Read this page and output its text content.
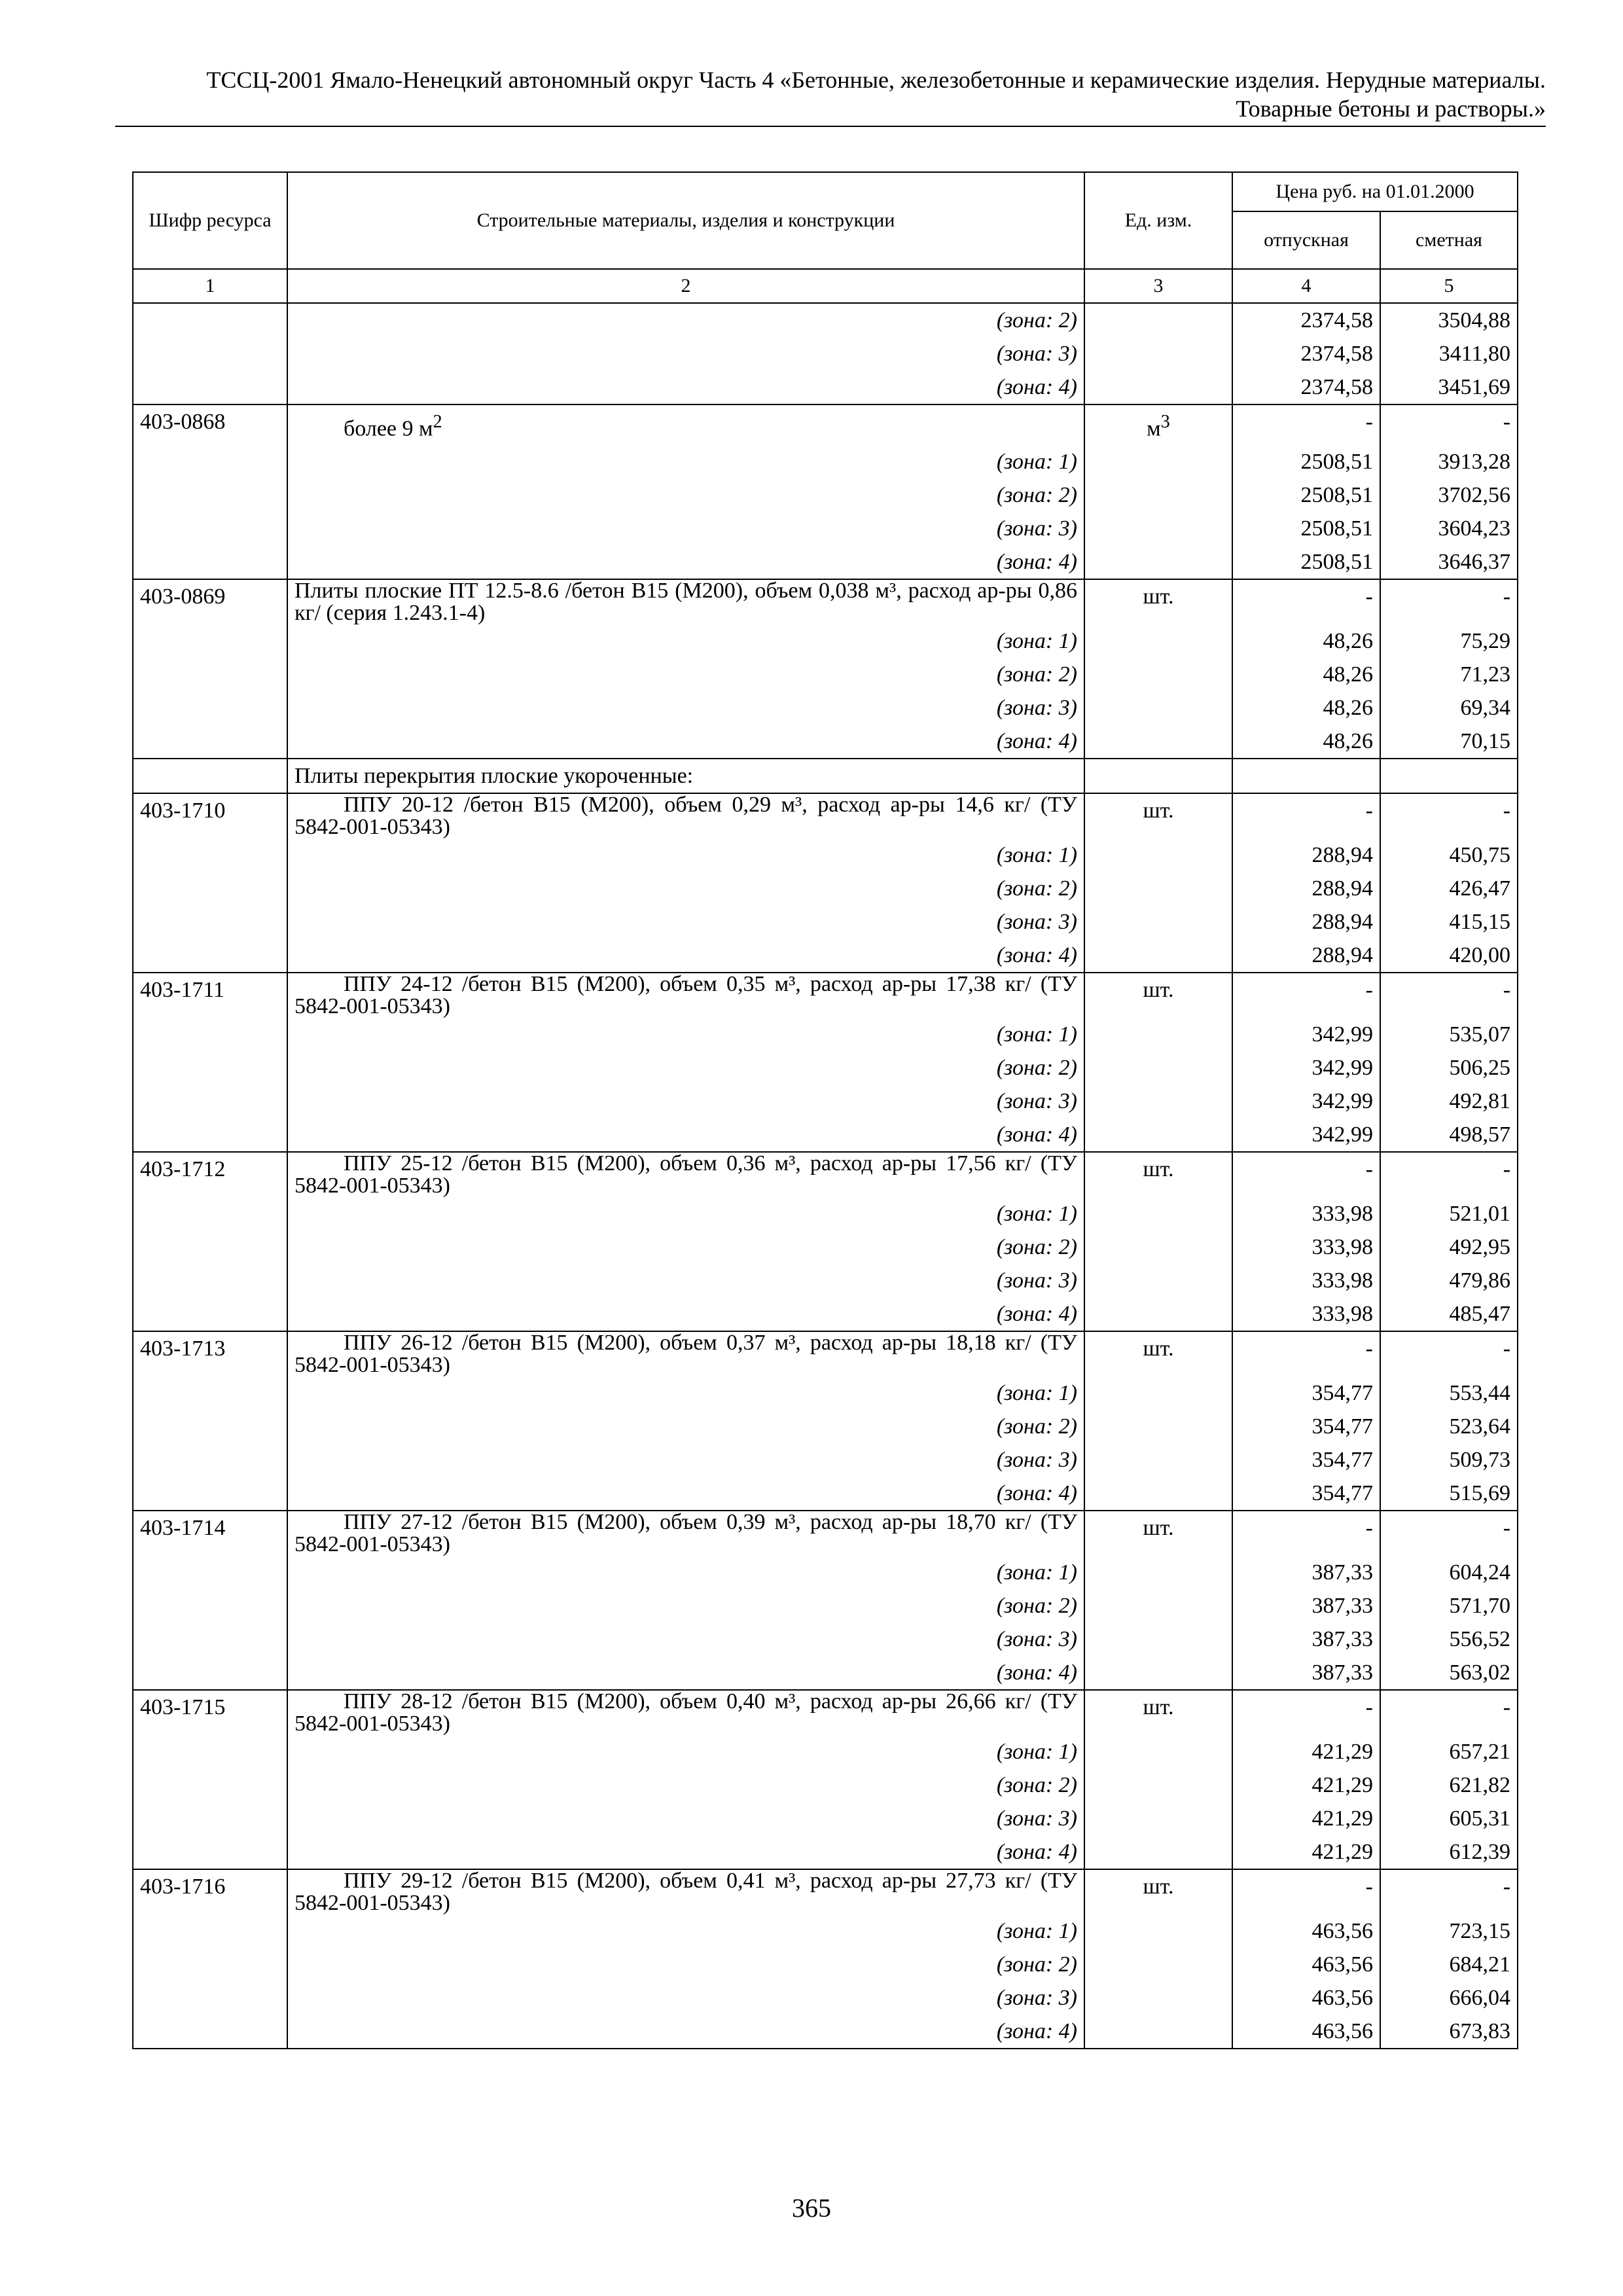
ТССЦ-2001 Ямало-Ненецкий автономный округ Часть 4 «Бетонные, железобетонные и керамические изделия. Нерудные материалы.
Товарные бетоны и растворы.»
Шифр ресурса	Строительные материалы, изделия и конструкции	Ед. изм.	Цена руб. на 01.01.2000	
			отпускная	сметная
1	2	3	4	5
	(зона: 2)		2374,58	3504,88
	(зона: 3)		2374,58	3411,80
	(зона: 4)		2374,58	3451,69
403-0868	более 9 $м^2$	$м^3$	-	-
	(зона: 1)		2508,51	3913,28
	(зона: 2)		2508,51	3702,56
	(зона: 3)		2508,51	3604,23
	(зона: 4)		2508,51	3646,37
403-0869	Плиты плоские ПТ 12.5-8.6 /бетон В15 (М200), объем 0,038 м³, расход ар-ры 0,86 кг/ (серия 1.243.1-4)	шт.	-	-
	(зона: 1)		48,26	75,29
	(зона: 2)		48,26	71,23
	(зона: 3)		48,26	69,34
	(зона: 4)		48,26	70,15
	Плиты перекрытия плоские укороченные:			
403-1710	ППУ 20-12 /бетон В15 (М200), объем 0,29 м³, расход ар-ры 14,6 кг/ (ТУ 5842-001-05343)	шт.	-	-
	(зона: 1)		288,94	450,75
	(зона: 2)		288,94	426,47
	(зона: 3)		288,94	415,15
	(зона: 4)		288,94	420,00
403-1711	ППУ 24-12 /бетон В15 (М200), объем 0,35 м³, расход ар-ры 17,38 кг/ (ТУ 5842-001-05343)	шт.	-	-
	(зона: 1)		342,99	535,07
	(зона: 2)		342,99	506,25
	(зона: 3)		342,99	492,81
	(зона: 4)		342,99	498,57
403-1712	ППУ 25-12 /бетон В15 (М200), объем 0,36 м³, расход ар-ры 17,56 кг/ (ТУ 5842-001-05343)	шт.	-	-
	(зона: 1)		333,98	521,01
	(зона: 2)		333,98	492,95
	(зона: 3)		333,98	479,86
	(зона: 4)		333,98	485,47
403-1713	ППУ 26-12 /бетон В15 (М200), объем 0,37 м³, расход ар-ры 18,18 кг/ (ТУ 5842-001-05343)	шт.	-	-
	(зона: 1)		354,77	553,44
	(зона: 2)		354,77	523,64
	(зона: 3)		354,77	509,73
	(зона: 4)		354,77	515,69
403-1714	ППУ 27-12 /бетон В15 (М200), объем 0,39 м³, расход ар-ры 18,70 кг/ (ТУ 5842-001-05343)	шт.	-	-
	(зона: 1)		387,33	604,24
	(зона: 2)		387,33	571,70
	(зона: 3)		387,33	556,52
	(зона: 4)		387,33	563,02
403-1715	ППУ 28-12 /бетон В15 (М200), объем 0,40 м³, расход ар-ры 26,66 кг/ (ТУ 5842-001-05343)	шт.	-	-
	(зона: 1)		421,29	657,21
	(зона: 2)		421,29	621,82
	(зона: 3)		421,29	605,31
	(зона: 4)		421,29	612,39
403-1716	ППУ 29-12 /бетон В15 (М200), объем 0,41 м³, расход ар-ры 27,73 кг/ (ТУ 5842-001-05343)	шт.	-	-
	(зона: 1)		463,56	723,15
	(зона: 2)		463,56	684,21
	(зона: 3)		463,56	666,04
	(зона: 4)		463,56	673,83
365
